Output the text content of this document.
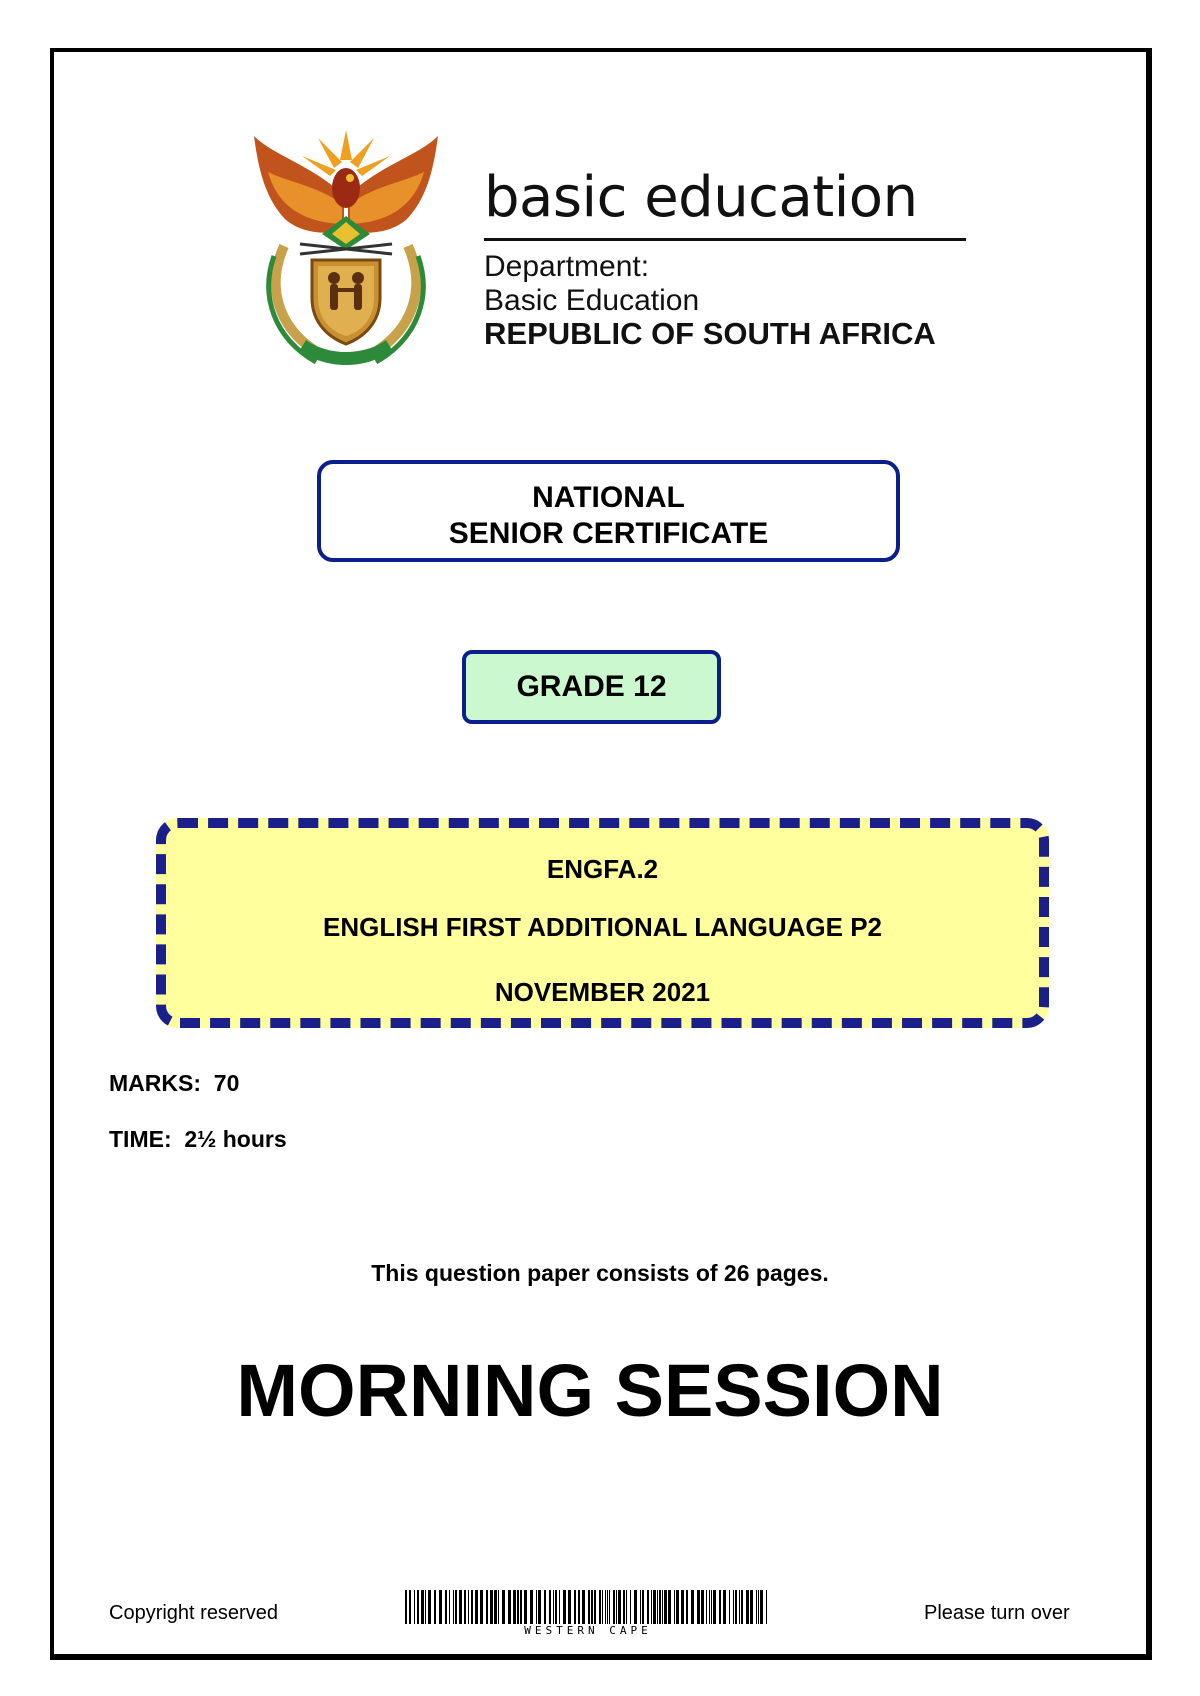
basic education
Department:
Basic Education
REPUBLIC OF SOUTH AFRICA
NATIONAL
SENIOR CERTIFICATE
GRADE 12
ENGFA.2
ENGLISH FIRST ADDITIONAL LANGUAGE P2
NOVEMBER 2021
MARKS: 70
TIME: 2½ hours
This question paper consists of 26 pages.
MORNING SESSION
Copyright reserved
WESTERN CAPE
Please turn over
